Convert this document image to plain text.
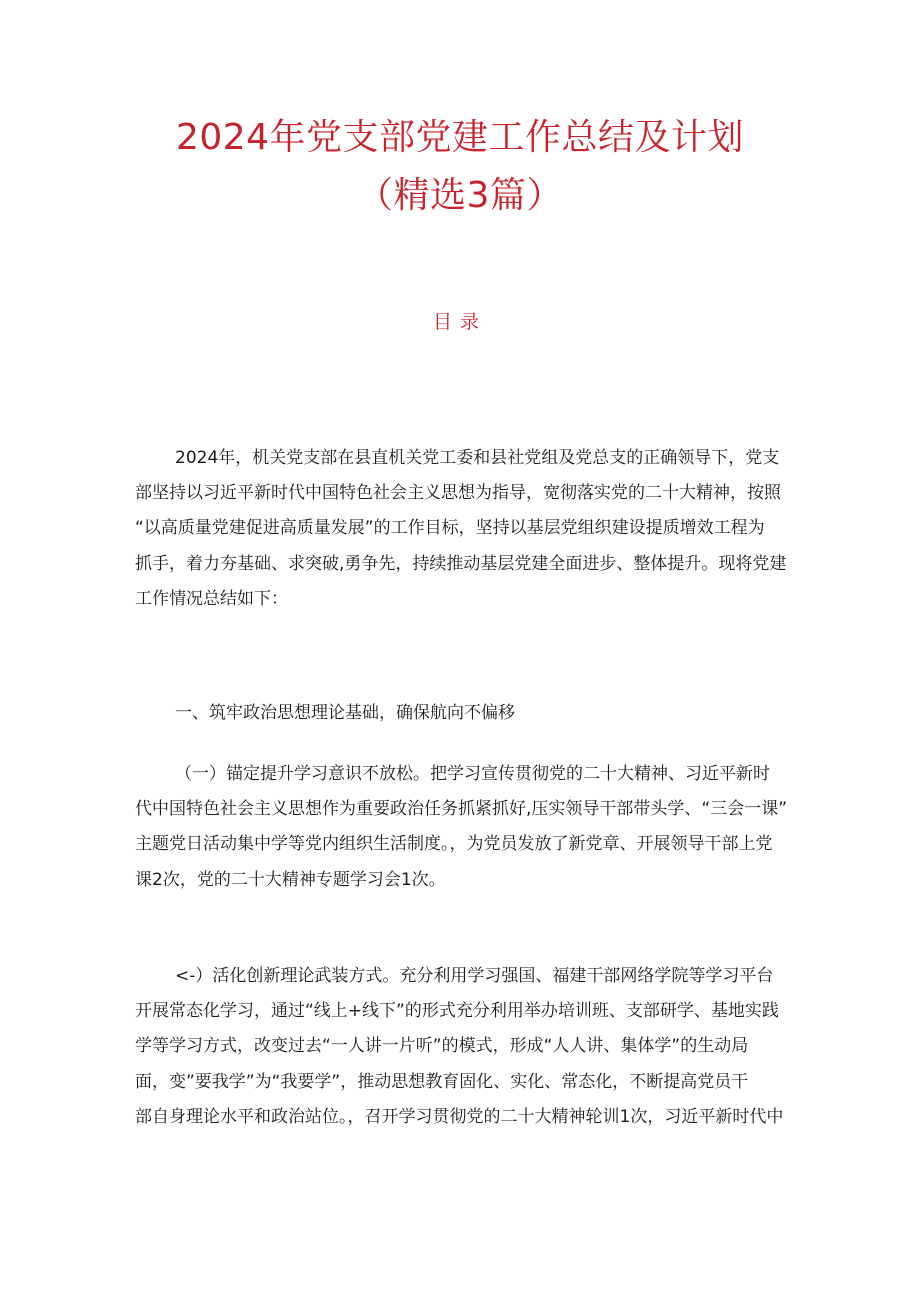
2024年党支部党建工作总结及计划
（精选3篇）
目录
2024年，机关党支部在县直机关党工委和县社党组及党总支的正确领导下，党支
部坚持以习近平新时代中国特色社会主义思想为指导，宽彻落实党的二十大精神，按照
“以高质量党建促进高质量发展”的工作目标，坚持以基层党组织建设提质增效工程为
抓手，着力夯基础、求突破,勇争先，持续推动基层党建全面进步、整体提升。现将党建
工作情况总结如下：
一、筑牢政治思想理论基础，确保航向不偏移
（一）锚定提升学习意识不放松。把学习宣传贯彻党的二十大精神、习近平新时
代中国特色社会主义思想作为重要政治任务抓紧抓好,压实领导干部带头学、“三会一课”
主题党日活动集中学等党内组织生活制度。，为党员发放了新党章、开展领导干部上党
课2次，党的二十大精神专题学习会1次。
<-）活化创新理论武装方式。充分利用学习强国、福建干部网络学院等学习平台
开展常态化学习，通过“线上+线下”的形式充分利用举办培训班、支部研学、基地实践
学等学习方式，改变过去“一人讲一片听”的模式，形成“人人讲、集体学”的生动局
面，变”要我学”为“我要学”，推动思想教育固化、实化、常态化，不断提高党员干
部自身理论水平和政治站位。，召开学习贯彻党的二十大精神轮训1次，习近平新时代中
